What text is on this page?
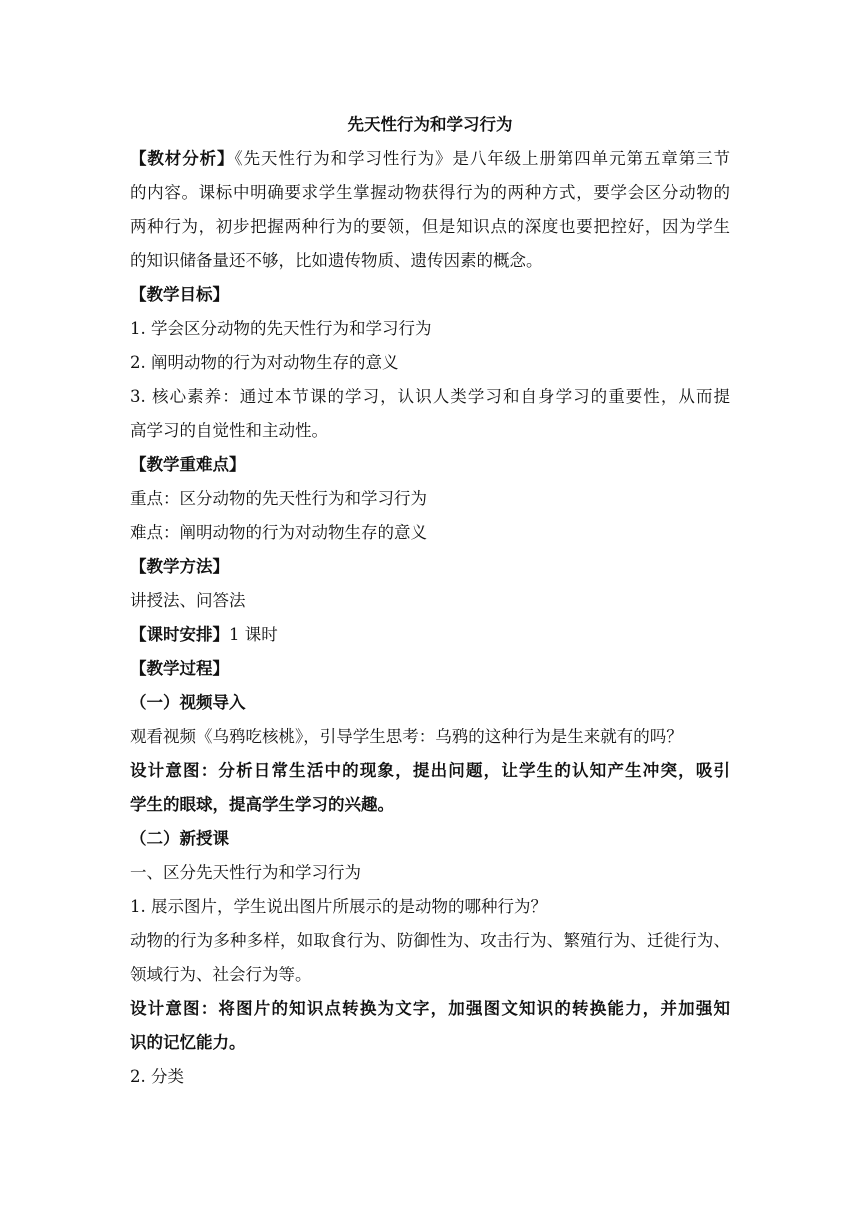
先天性行为和学习行为
【教材分析】《先天性行为和学习性行为》是八年级上册第四单元第五章第三节
的内容。课标中明确要求学生掌握动物获得行为的两种方式，要学会区分动物的
两种行为，初步把握两种行为的要领，但是知识点的深度也要把控好，因为学生
的知识储备量还不够，比如遗传物质、遗传因素的概念。
【教学目标】
1. 学会区分动物的先天性行为和学习行为
2. 阐明动物的行为对动物生存的意义
3. 核心素养：通过本节课的学习，认识人类学习和自身学习的重要性，从而提
高学习的自觉性和主动性。
【教学重难点】
重点：区分动物的先天性行为和学习行为
难点：阐明动物的行为对动物生存的意义
【教学方法】
讲授法、问答法
【课时安排】1 课时
【教学过程】
（一）视频导入
观看视频《乌鸦吃核桃》，引导学生思考：乌鸦的这种行为是生来就有的吗？
设计意图：分析日常生活中的现象，提出问题，让学生的认知产生冲突，吸引
学生的眼球，提高学生学习的兴趣。
（二）新授课
一、区分先天性行为和学习行为
1. 展示图片，学生说出图片所展示的是动物的哪种行为？
动物的行为多种多样，如取食行为、防御性为、攻击行为、繁殖行为、迁徙行为、
领域行为、社会行为等。
设计意图：将图片的知识点转换为文字，加强图文知识的转换能力，并加强知
识的记忆能力。
2. 分类
